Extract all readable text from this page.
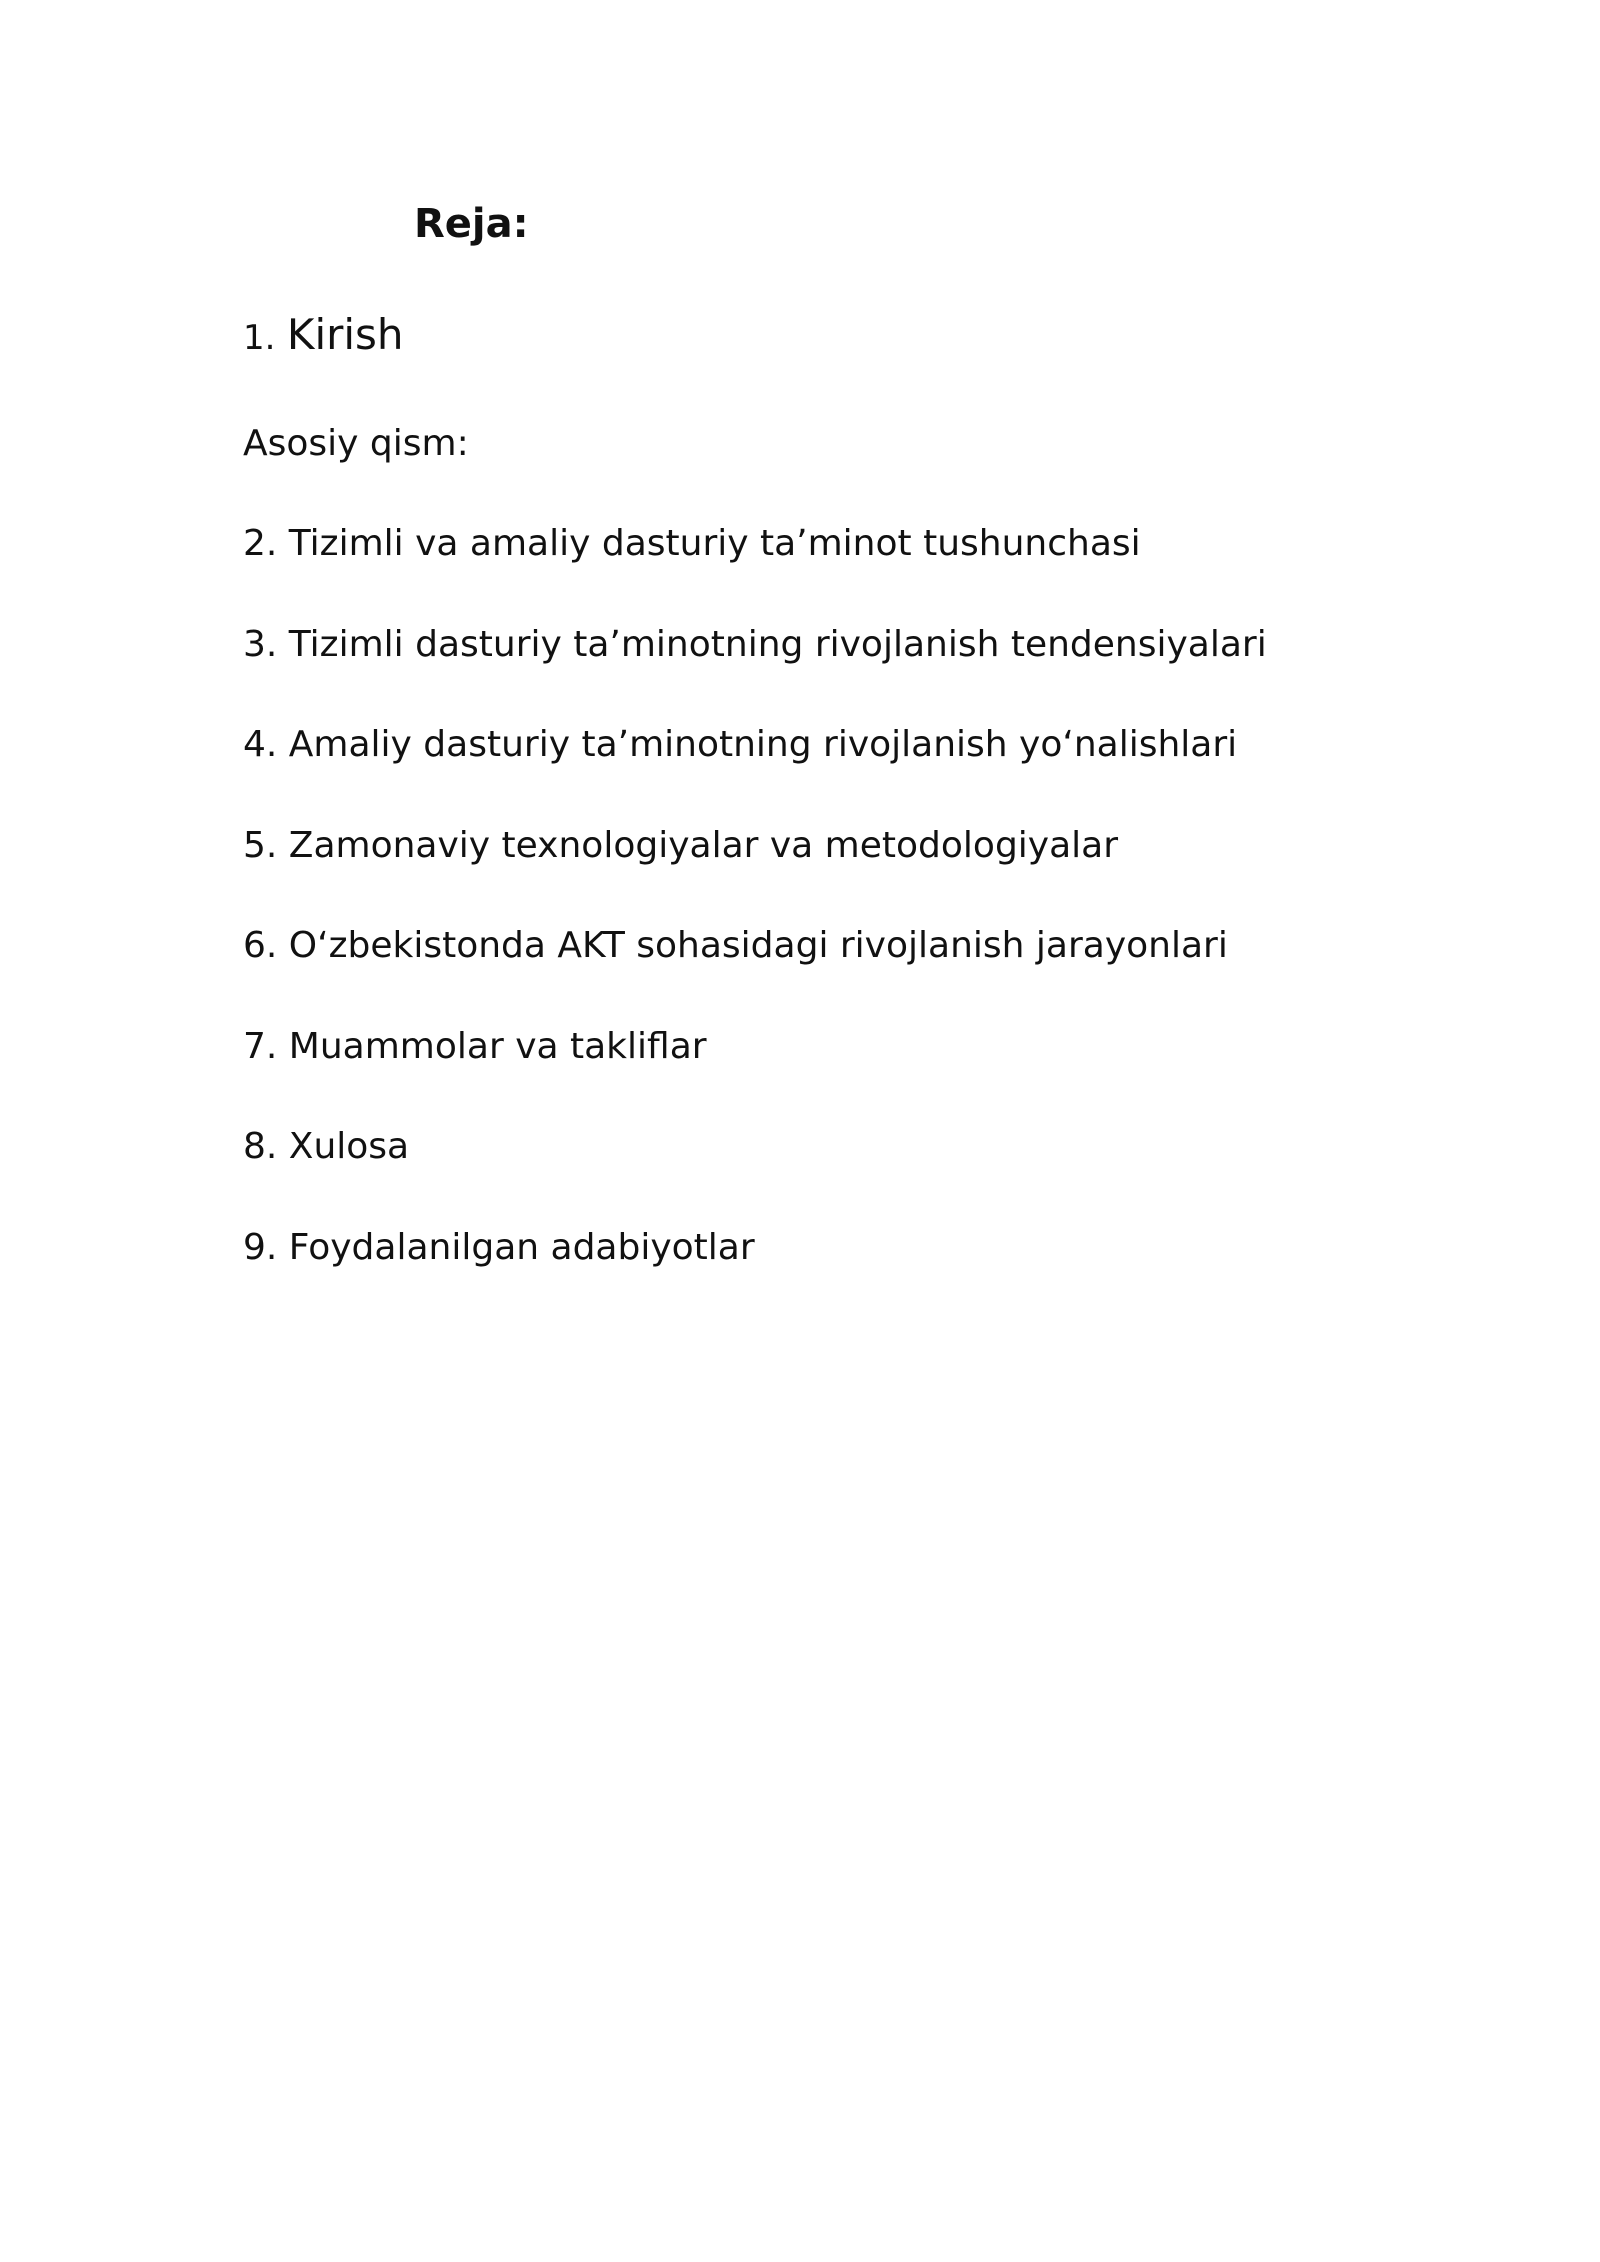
Reja:
1. Kirish
Asosiy qism:
2. Tizimli va amaliy dasturiy ta’minot tushunchasi
3. Tizimli dasturiy ta’minotning rivojlanish tendensiyalari
4. Amaliy dasturiy ta’minotning rivojlanish yo‘nalishlari
5. Zamonaviy texnologiyalar va metodologiyalar
6. O‘zbekistonda AKT sohasidagi rivojlanish jarayonlari
7. Muammolar va takliflar
8. Xulosa
9. Foydalanilgan adabiyotlar
